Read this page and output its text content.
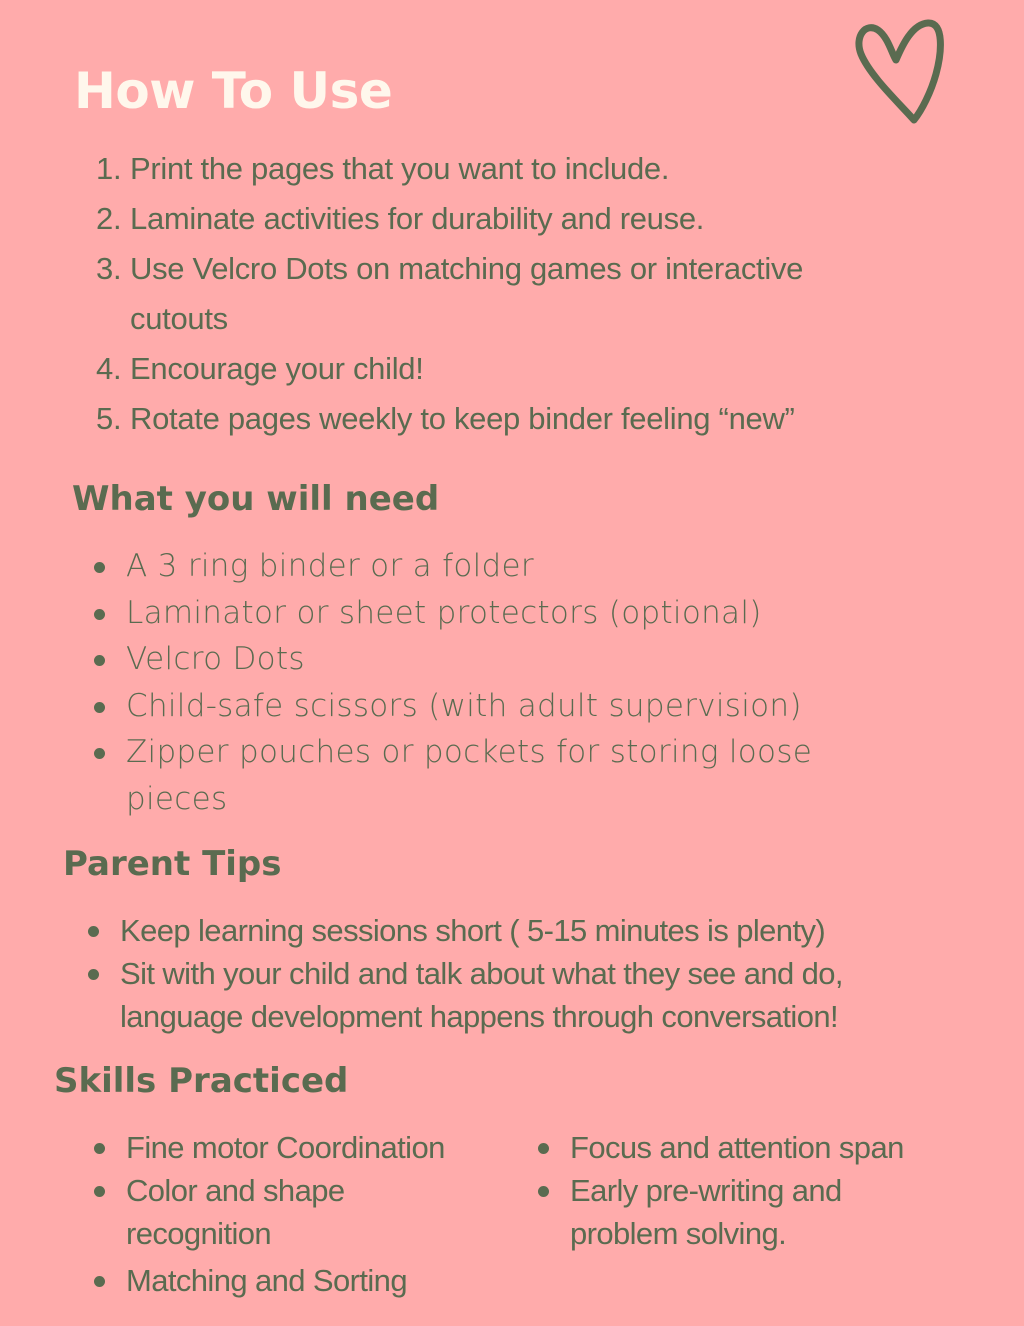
How To Use
1. Print the pages that you want to include.
2. Laminate activities for durability and reuse.
3. Use Velcro Dots on matching games or interactive cutouts
4. Encourage your child!
5. Rotate pages weekly to keep binder feeling “new”
What you will need
A 3 ring binder or a folder
Laminator or sheet protectors (optional)
Velcro Dots
Child-safe scissors (with adult supervision)
Zipper pouches or pockets for storing loose pieces
Parent Tips
Keep learning sessions short ( 5-15 minutes is plenty)
Sit with your child and talk about what they see and do, language development happens through conversation!
Skills Practiced
Fine motor Coordination
Color and shape recognition
Matching and Sorting
Focus and attention span
Early pre-writing and problem solving.
